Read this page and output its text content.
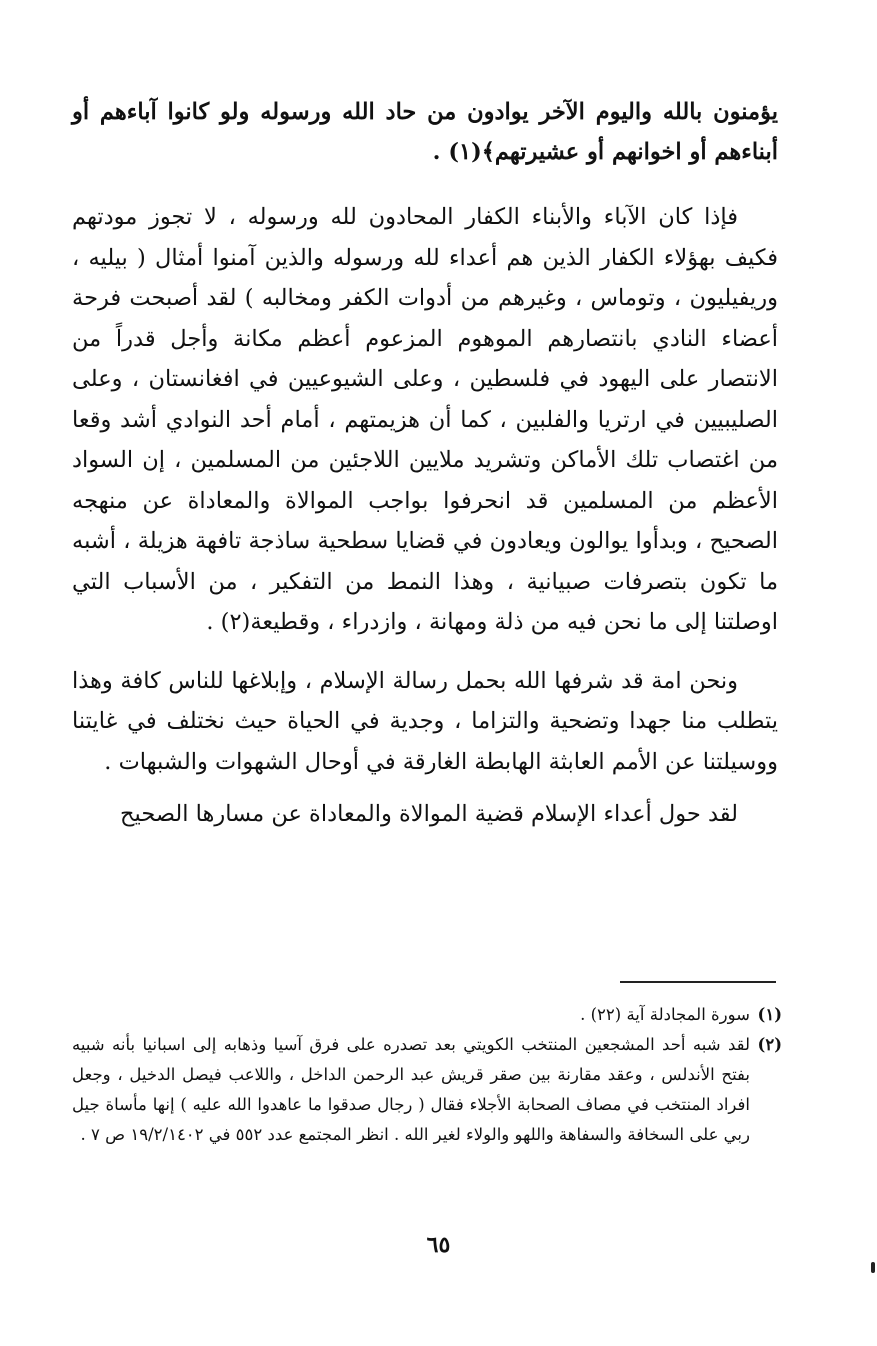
يؤمنون بالله واليوم الآخر يوادون من حاد الله ورسوله ولو كانوا آباءهم أو أبناءهم أو اخوانهم أو عشيرتهم﴾(١) .

فإذا كان الآباء والأبناء الكفار المحادون لله ورسوله ، لا تجوز مودتهم فكيف بهؤلاء الكفار الذين هم أعداء لله ورسوله والذين آمنوا أمثال ( بيليه ، وريفيليون ، وتوماس ، وغيرهم من أدوات الكفر ومخالبه ) لقد أصبحت فرحة أعضاء النادي بانتصارهم الموهوم المزعوم أعظم مكانة وأجل قدراً من الانتصار على اليهود في فلسطين ، وعلى الشيوعيين في افغانستان ، وعلى الصليبيين في ارتريا والفلبين ، كما أن هزيمتهم ، أمام أحد النوادي أشد وقعا من اغتصاب تلك الأماكن وتشريد ملايين اللاجئين من المسلمين ، إن السواد الأعظم من المسلمين قد انحرفوا بواجب الموالاة والمعاداة عن منهجه الصحيح ، وبدأوا يوالون ويعادون في قضايا سطحية ساذجة تافهة هزيلة ، أشبه ما تكون بتصرفات صبيانية ، وهذا النمط من التفكير ، من الأسباب التي اوصلتنا إلى ما نحن فيه من ذلة ومهانة ، وازدراء ، وقطيعة(٢) .

ونحن امة قد شرفها الله بحمل رسالة الإسلام ، وإبلاغها للناس كافة وهذا يتطلب منا جهدا وتضحية والتزاما ، وجدية في الحياة حيث نختلف في غايتنا ووسيلتنا عن الأمم العابثة الهابطة الغارقة في أوحال الشهوات والشبهات .

لقد حول أعداء الإسلام قضية الموالاة والمعاداة عن مسارها الصحيح

(١)
سورة المجادلة آية (٢٢) .
(٢)
لقد شبه أحد المشجعين المنتخب الكويتي بعد تصدره على فرق آسيا وذهابه إلى اسبانيا بأنه شبيه بفتح الأندلس ، وعقد مقارنة بين صقر قريش عبد الرحمن الداخل ، واللاعب فيصل الدخيل ، وجعل افراد المنتخب في مصاف الصحابة الأجلاء فقال ( رجال صدقوا ما عاهدوا الله عليه ) إنها مأساة جيل ربي على السخافة والسفاهة واللهو والولاء لغير الله . انظر المجتمع عدد ٥٥٢ في ١٩/٢/١٤٠٢ ص ٧ .
٦٥
